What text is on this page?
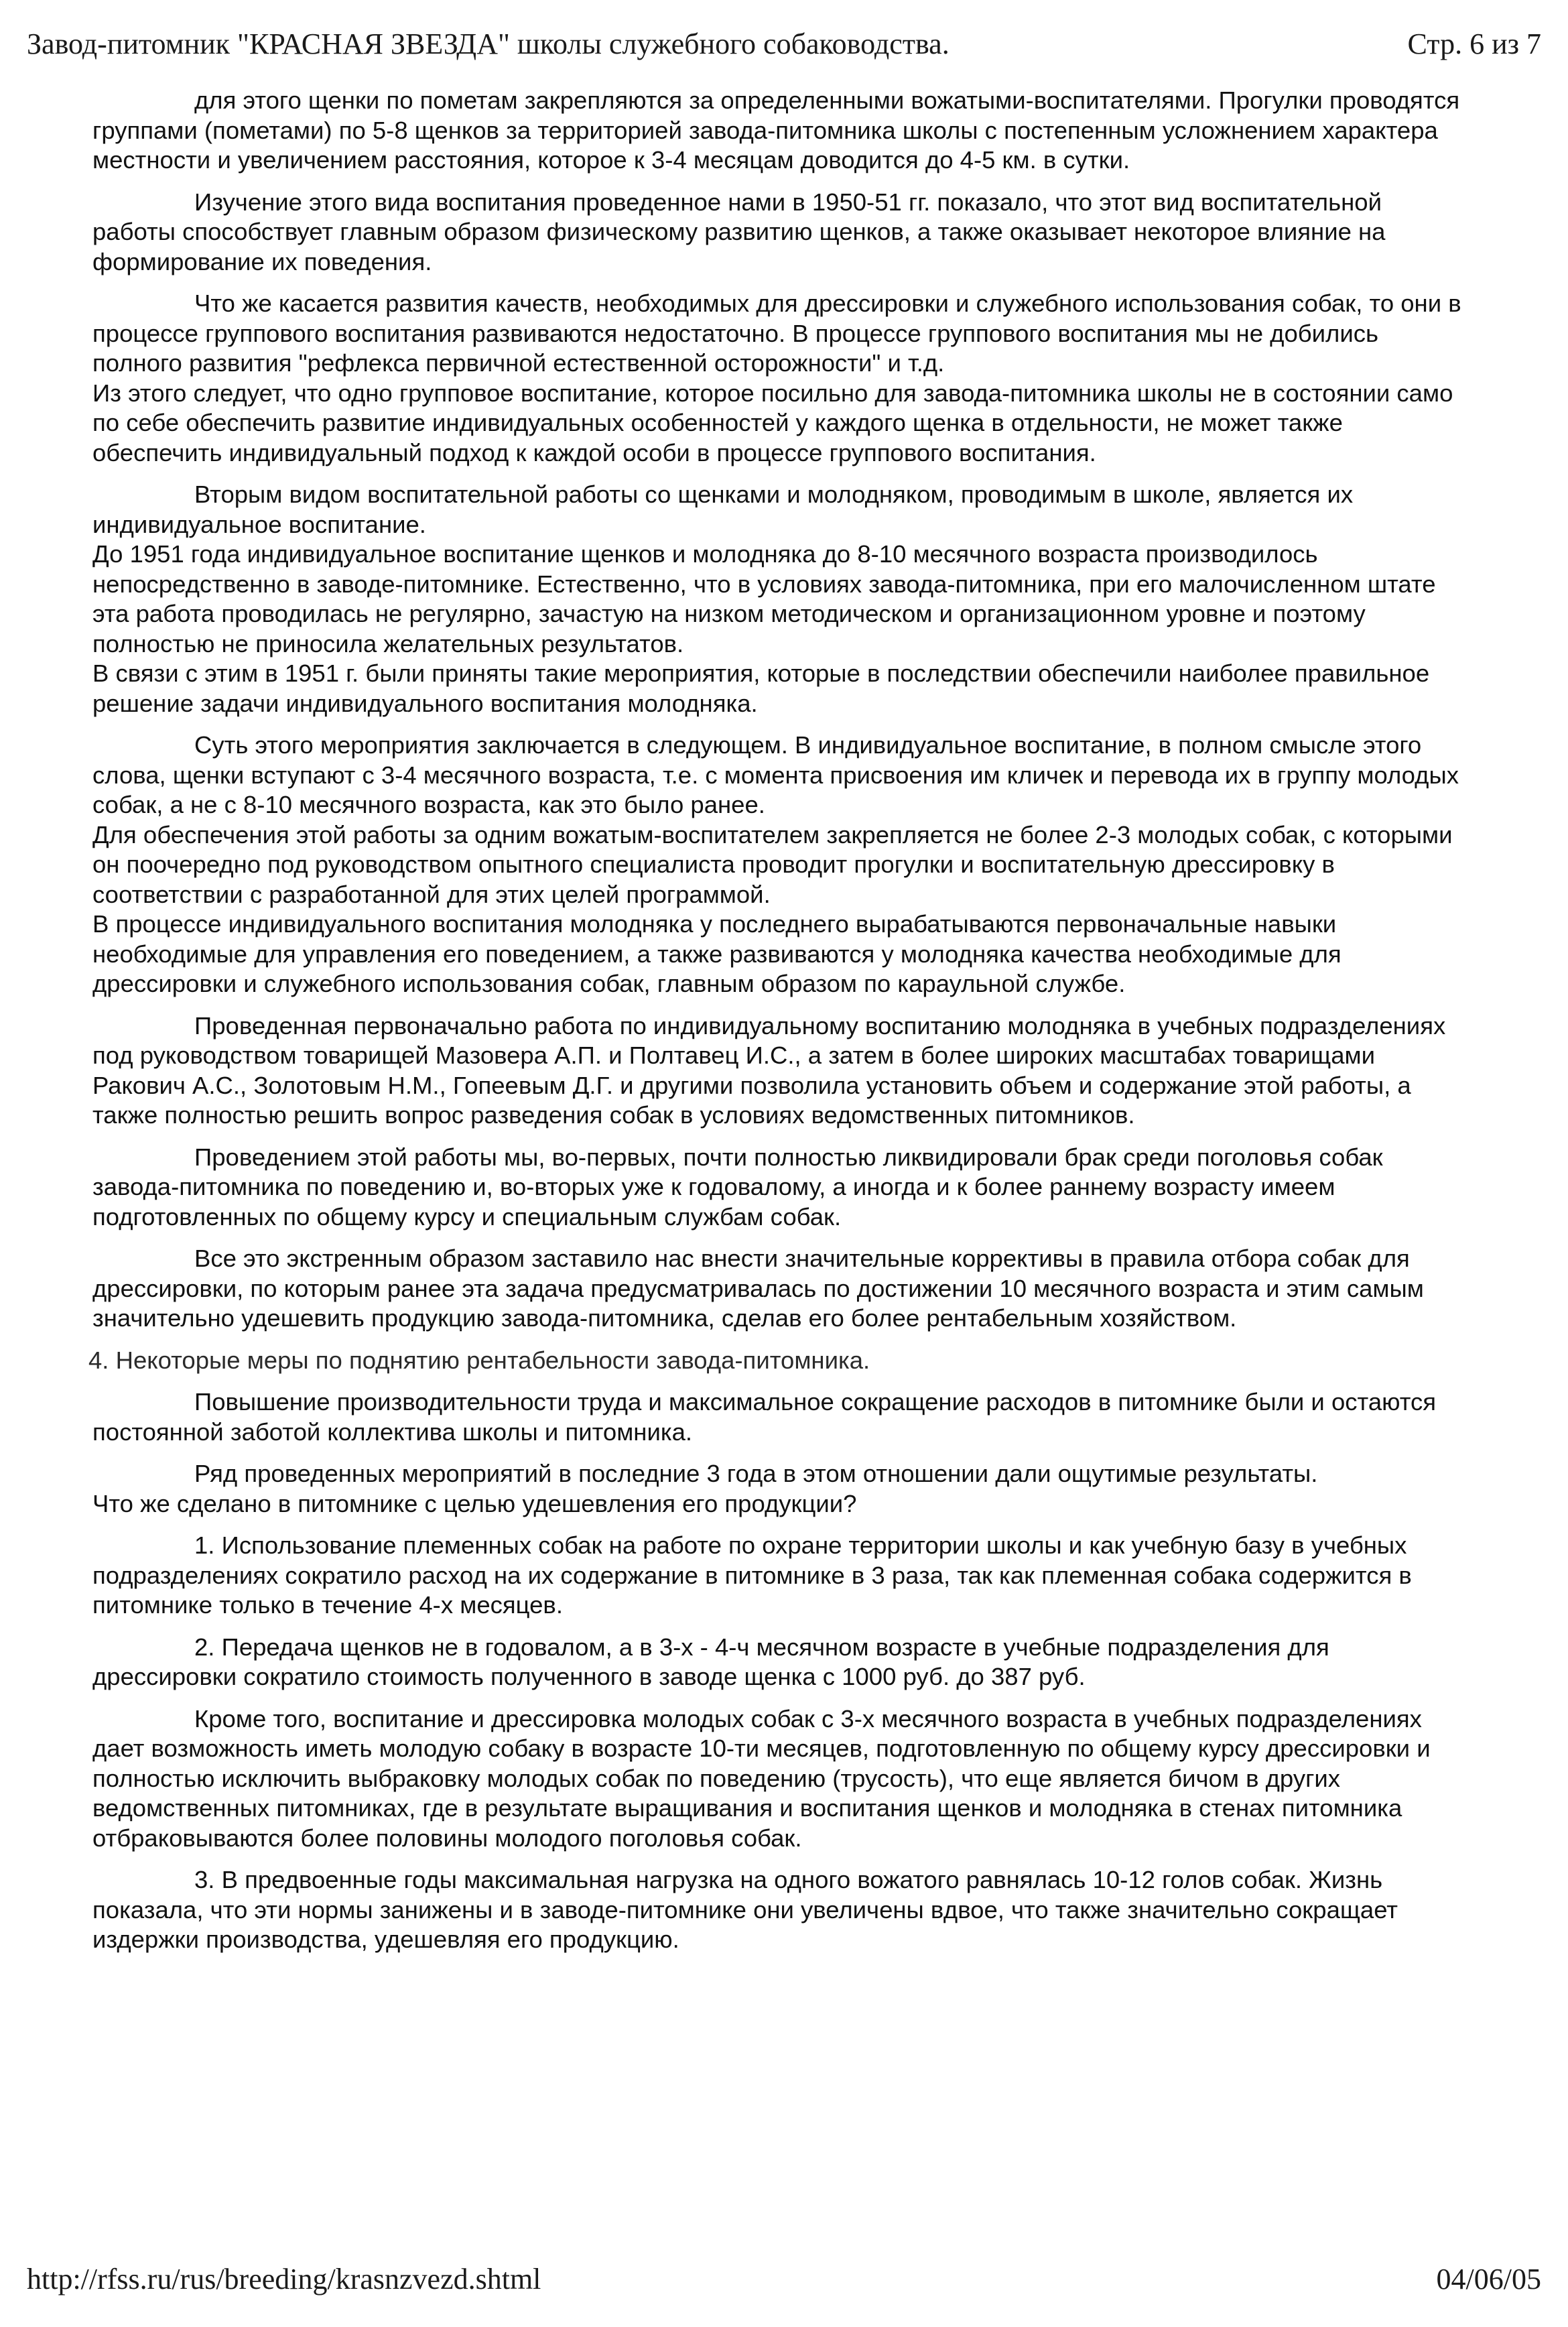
Завод-питомник "КРАСНАЯ ЗВЕЗДА" школы служебного собаководства.	Стр. 6 из 7

для этого щенки по пометам закрепляются за определенными вожатыми-воспитателями. Прогулки проводятся группами (пометами) по 5-8 щенков за территорией завода-питомника школы с постепенным усложнением характера местности и увеличением расстояния, которое к 3-4 месяцам доводится до 4-5 км. в сутки.

Изучение этого вида воспитания проведенное нами в 1950-51 гг. показало, что этот вид воспитательной работы способствует главным образом физическому развитию щенков, а также оказывает некоторое влияние на формирование их поведения.

Что же касается развития качеств, необходимых для дрессировки и служебного использования собак, то они в процессе группового воспитания развиваются недостаточно. В процессе группового воспитания мы не добились полного развития "рефлекса первичной естественной осторожности" и т.д.

Из этого следует, что одно групповое воспитание, которое посильно для завода-питомника школы не в состоянии само по себе обеспечить развитие индивидуальных особенностей у каждого щенка в отдельности, не может также обеспечить индивидуальный подход к каждой особи в процессе группового воспитания.

Вторым видом воспитательной работы со щенками и молодняком, проводимым в школе, является их индивидуальное воспитание.

До 1951 года индивидуальное воспитание щенков и молодняка до 8-10 месячного возраста производилось непосредственно в заводе-питомнике. Естественно, что в условиях завода-питомника, при его малочисленном штате эта работа проводилась не регулярно, зачастую на низком методическом и организационном уровне и поэтому полностью не приносила желательных результатов.

В связи с этим в 1951 г. были приняты такие мероприятия, которые в последствии обеспечили наиболее правильное решение задачи индивидуального воспитания молодняка.

Суть этого мероприятия заключается в следующем. В индивидуальное воспитание, в полном смысле этого слова, щенки вступают с 3-4 месячного возраста, т.е. с момента присвоения им кличек и перевода их в группу молодых собак, а не с 8-10 месячного возраста, как это было ранее.

Для обеспечения этой работы за одним вожатым-воспитателем закрепляется не более 2-3 молодых собак, с которыми он поочередно под руководством опытного специалиста проводит прогулки и воспитательную дрессировку в соответствии с разработанной для этих целей программой.

В процессе индивидуального воспитания молодняка у последнего вырабатываются первоначальные навыки необходимые для управления его поведением, а также развиваются у молодняка качества необходимые для дрессировки и служебного использования собак, главным образом по караульной службе.

Проведенная первоначально работа по индивидуальному воспитанию молодняка в учебных подразделениях под руководством товарищей Мазовера А.П. и Полтавец И.С., а затем в более широких масштабах товарищами Ракович А.С., Золотовым Н.М., Гопеевым Д.Г. и другими позволила установить объем и содержание этой работы, а также полностью решить вопрос разведения собак в условиях ведомственных питомников.

Проведением этой работы мы, во-первых, почти полностью ликвидировали брак среди поголовья собак завода-питомника по поведению и, во-вторых уже к годовалому, а иногда и к более раннему возрасту имеем подготовленных по общему курсу и специальным службам собак.

Все это экстренным образом заставило нас внести значительные коррективы в правила отбора собак для дрессировки, по которым ранее эта задача предусматривалась по достижении 10 месячного возраста и этим самым значительно удешевить продукцию завода-питомника, сделав его более рентабельным хозяйством.

4. Некоторые меры по поднятию рентабельности завода-питомника.

Повышение производительности труда и максимальное сокращение расходов в питомнике были и остаются постоянной заботой коллектива школы и питомника.

Ряд проведенных мероприятий в последние 3 года в этом отношении дали ощутимые результаты.

Что же сделано в питомнике с целью удешевления его продукции?

1. Использование племенных собак на работе по охране территории школы и как учебную базу в учебных подразделениях сократило расход на их содержание в питомнике в 3 раза, так как племенная собака содержится в питомнике только в течение 4-х месяцев.

2. Передача щенков не в годовалом, а в 3-х - 4-ч месячном возрасте в учебные подразделения для дрессировки сократило стоимость полученного в заводе щенка с 1000 руб. до 387 руб.

Кроме того, воспитание и дрессировка молодых собак с 3-х месячного возраста в учебных подразделениях дает возможность иметь молодую собаку в возрасте 10-ти месяцев, подготовленную по общему курсу дрессировки и полностью исключить выбраковку молодых собак по поведению (трусость), что еще является бичом в других ведомственных питомниках, где в результате выращивания и воспитания щенков и молодняка в стенах питомника отбраковываются более половины молодого поголовья собак.

3. В предвоенные годы максимальная нагрузка на одного вожатого равнялась 10-12 голов собак. Жизнь показала, что эти нормы занижены и в заводе-питомнике они увеличены вдвое, что также значительно сокращает издержки производства, удешевляя его продукцию.

http://rfss.ru/rus/breeding/krasnzvezd.shtml	04/06/05
